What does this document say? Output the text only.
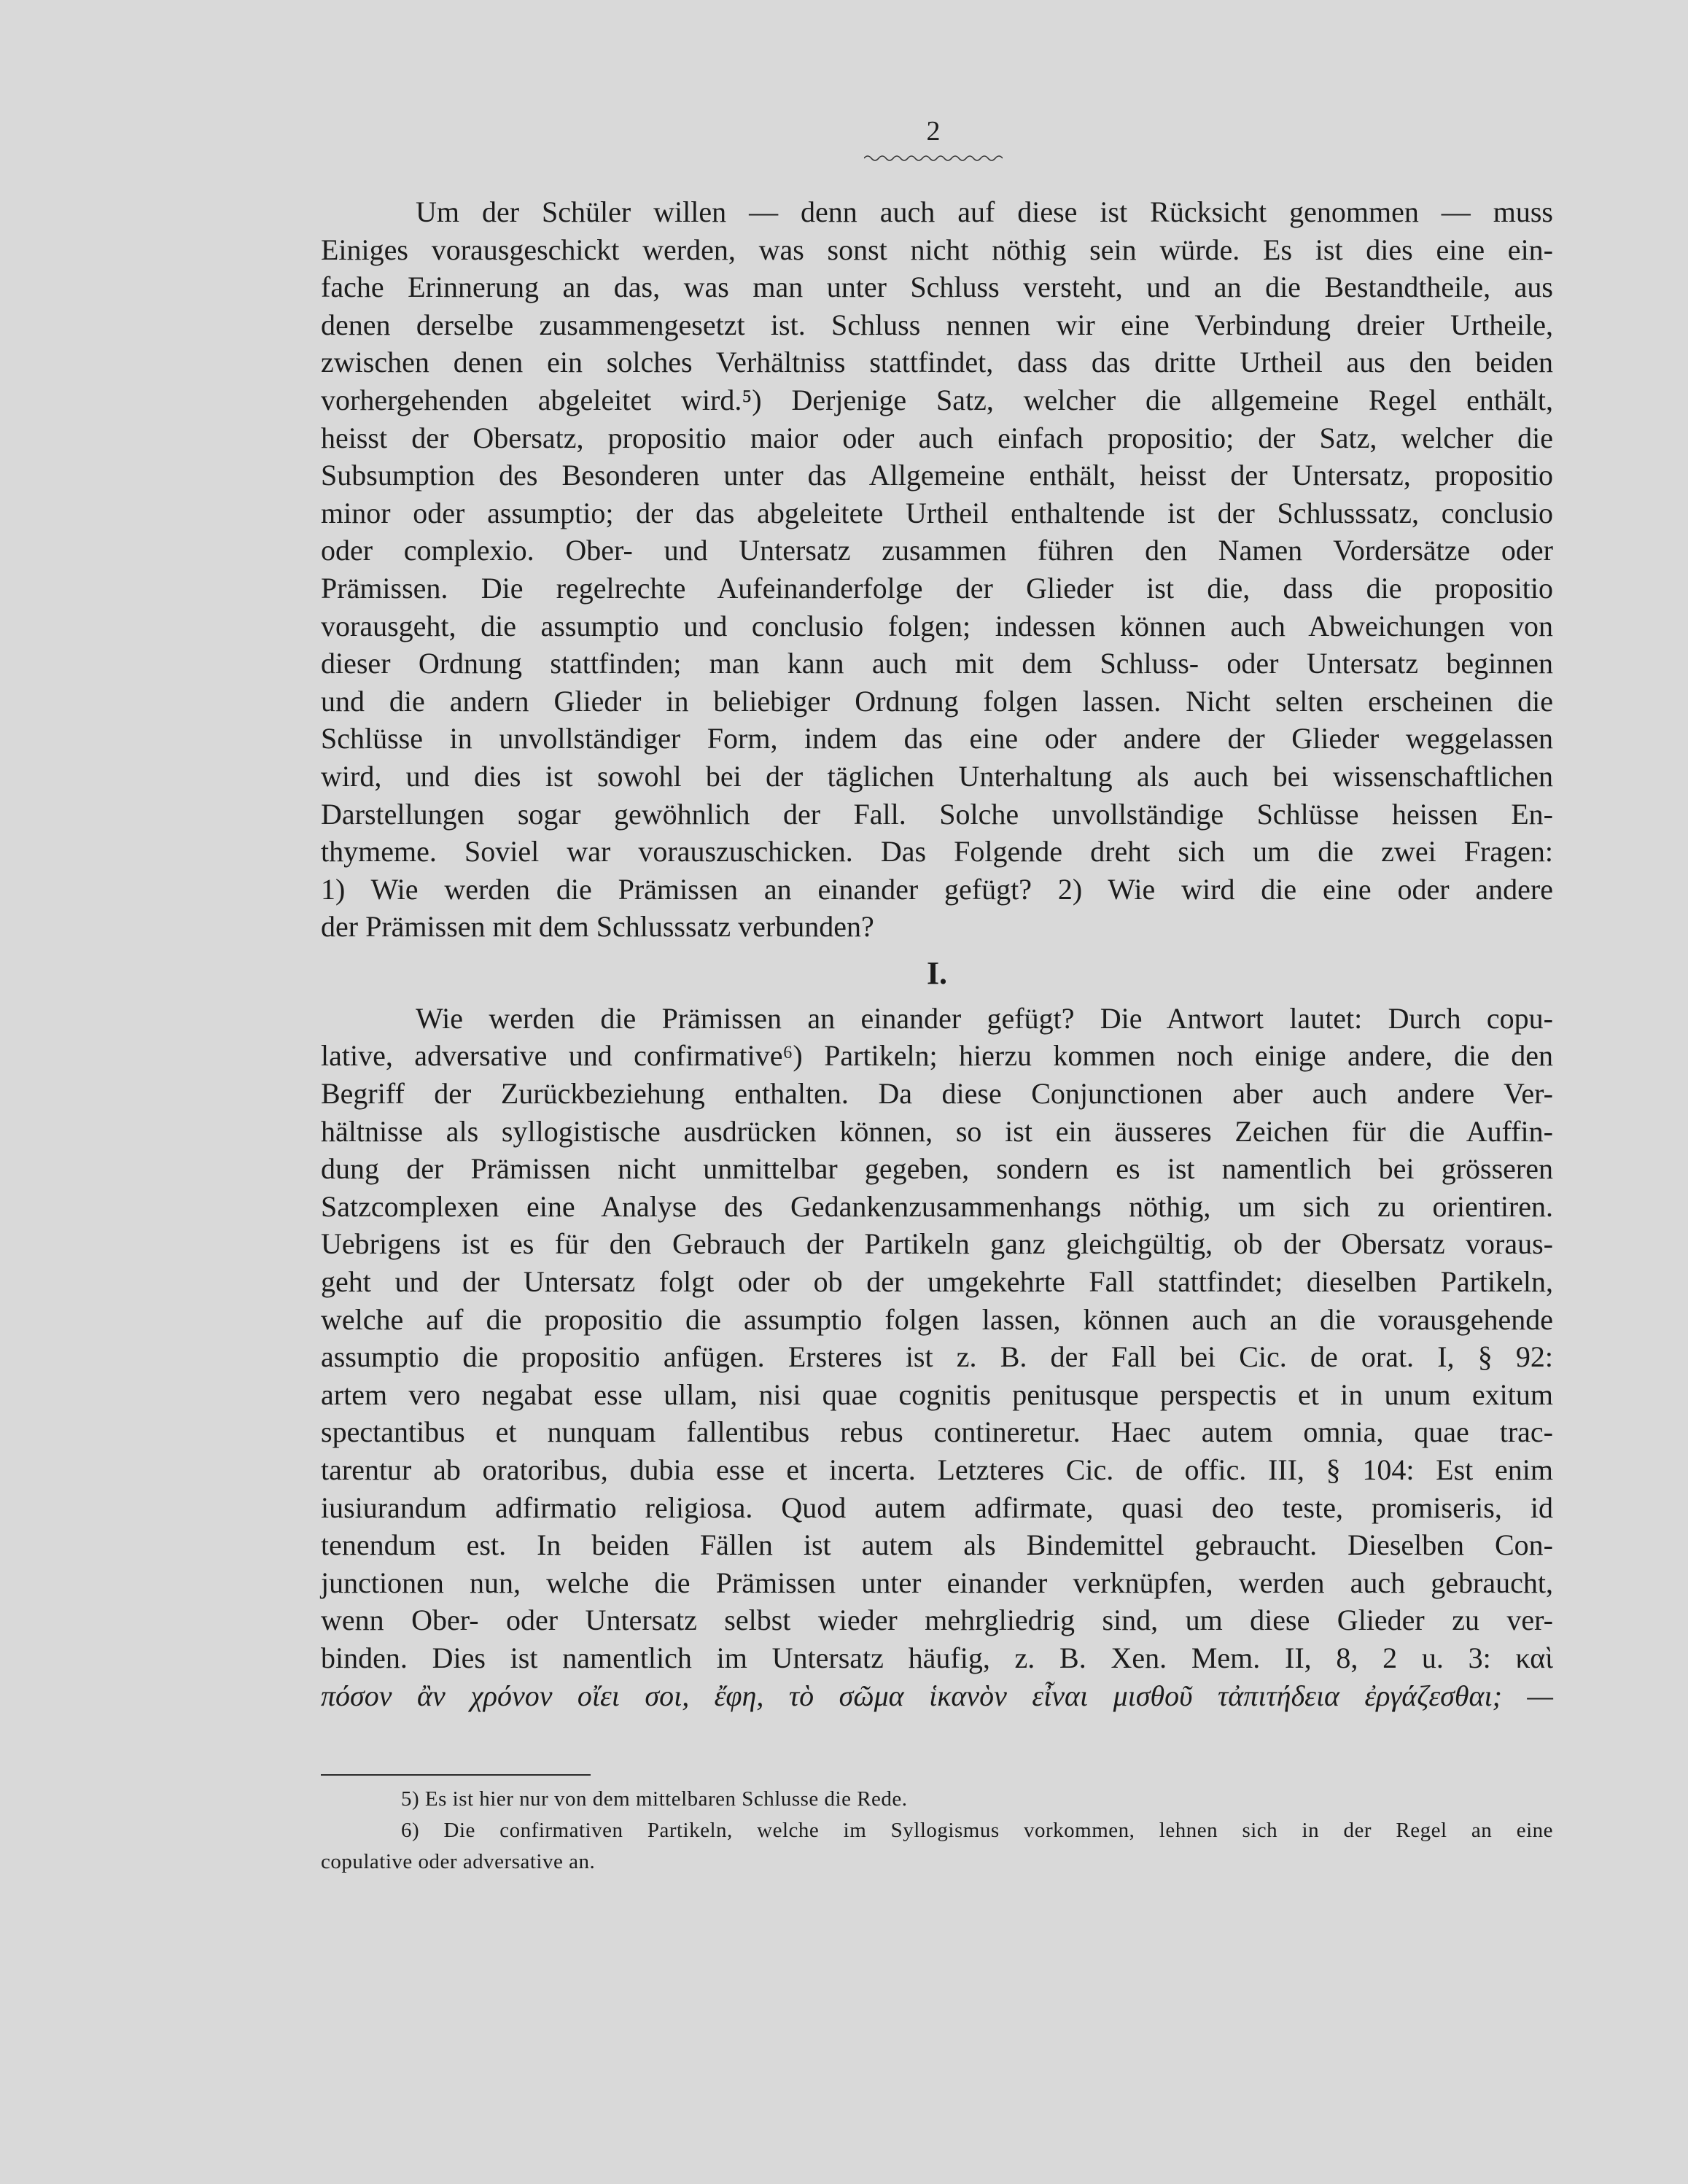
2
Um der Schüler willen — denn auch auf diese ist Rücksicht genommen — muss
Einiges vorausgeschickt werden, was sonst nicht nöthig sein würde. Es ist dies eine ein-
fache Erinnerung an das, was man unter Schluss versteht, und an die Bestandtheile, aus
denen derselbe zusammengesetzt ist. Schluss nennen wir eine Verbindung dreier Urtheile,
zwischen denen ein solches Verhältniss stattfindet, dass das dritte Urtheil aus den beiden
vorhergehenden abgeleitet wird.⁵) Derjenige Satz, welcher die allgemeine Regel enthält,
heisst der Obersatz, propositio maior oder auch einfach propositio; der Satz, welcher die
Subsumption des Besonderen unter das Allgemeine enthält, heisst der Untersatz, propositio
minor oder assumptio; der das abgeleitete Urtheil enthaltende ist der Schlusssatz, conclusio
oder complexio. Ober- und Untersatz zusammen führen den Namen Vordersätze oder
Prämissen. Die regelrechte Aufeinanderfolge der Glieder ist die, dass die propositio
vorausgeht, die assumptio und conclusio folgen; indessen können auch Abweichungen von
dieser Ordnung stattfinden; man kann auch mit dem Schluss- oder Untersatz beginnen
und die andern Glieder in beliebiger Ordnung folgen lassen. Nicht selten erscheinen die
Schlüsse in unvollständiger Form, indem das eine oder andere der Glieder weggelassen
wird, und dies ist sowohl bei der täglichen Unterhaltung als auch bei wissenschaftlichen
Darstellungen sogar gewöhnlich der Fall. Solche unvollständige Schlüsse heissen En-
thymeme. Soviel war vorauszuschicken. Das Folgende dreht sich um die zwei Fragen:
1) Wie werden die Prämissen an einander gefügt? 2) Wie wird die eine oder andere
der Prämissen mit dem Schlusssatz verbunden?
I.
Wie werden die Prämissen an einander gefügt? Die Antwort lautet: Durch copu-
lative, adversative und confirmative⁶) Partikeln; hierzu kommen noch einige andere, die den
Begriff der Zurückbeziehung enthalten. Da diese Conjunctionen aber auch andere Ver-
hältnisse als syllogistische ausdrücken können, so ist ein äusseres Zeichen für die Auffin-
dung der Prämissen nicht unmittelbar gegeben, sondern es ist namentlich bei grösseren
Satzcomplexen eine Analyse des Gedankenzusammenhangs nöthig, um sich zu orientiren.
Uebrigens ist es für den Gebrauch der Partikeln ganz gleichgültig, ob der Obersatz voraus-
geht und der Untersatz folgt oder ob der umgekehrte Fall stattfindet; dieselben Partikeln,
welche auf die propositio die assumptio folgen lassen, können auch an die vorausgehende
assumptio die propositio anfügen. Ersteres ist z. B. der Fall bei Cic. de orat. I, § 92:
artem vero negabat esse ullam, nisi quae cognitis penitusque perspectis et in unum exitum
spectantibus et nunquam fallentibus rebus contineretur. Haec autem omnia, quae trac-
tarentur ab oratoribus, dubia esse et incerta. Letzteres Cic. de offic. III, § 104: Est enim
iusiurandum adfirmatio religiosa. Quod autem adfirmate, quasi deo teste, promiseris, id
tenendum est. In beiden Fällen ist autem als Bindemittel gebraucht. Dieselben Con-
junctionen nun, welche die Prämissen unter einander verknüpfen, werden auch gebraucht,
wenn Ober- oder Untersatz selbst wieder mehrgliedrig sind, um diese Glieder zu ver-
binden. Dies ist namentlich im Untersatz häufig, z. B. Xen. Mem. II, 8, 2 u. 3: καὶ
πόσον ἂν χρόνον οἴει σοι, ἔφη, τὸ σῶμα ἱκανὸν εἶναι μισθοῦ τἀπιτήδεια ἐργάζεσθαι; —
5) Es ist hier nur von dem mittelbaren Schlusse die Rede.
6) Die confirmativen Partikeln, welche im Syllogismus vorkommen, lehnen sich in der Regel an eine
copulative oder adversative an.
